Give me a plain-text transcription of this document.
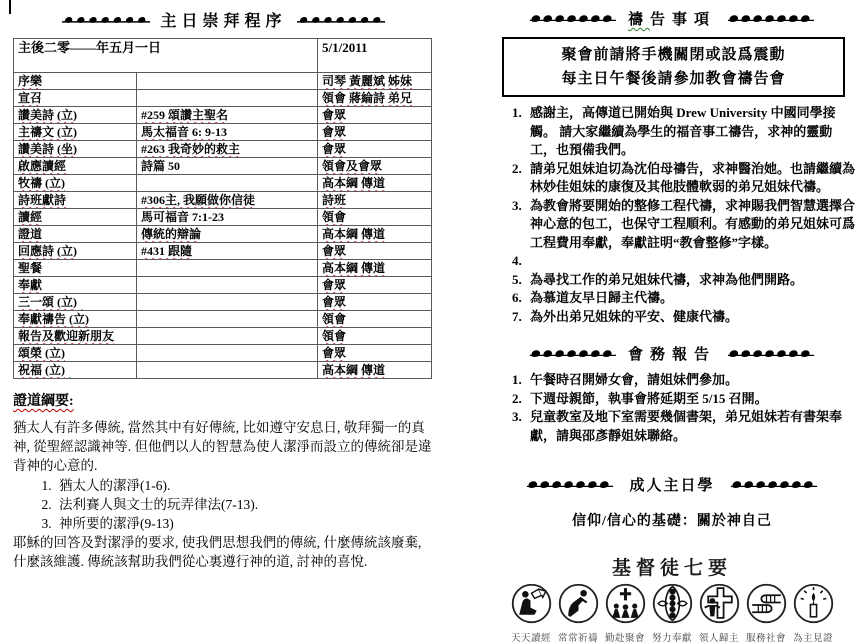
主日崇拜程序
主後二零——年五月一日		5/1/2011
序樂		司琴 黃麗斌 姊妹
宣召		領會 蔣綸詩 弟兄
讚美詩 (立)	#259 頌讚主聖名	會眾
主禱文 (立)	馬太福音 6: 9-13	會眾
讚美詩 (坐)	#263 我奇妙的救主	會眾
啟應讀經	詩篇 50	領會及會眾
牧禱 (立)		高本綱 傳道
詩班獻詩	#306主, 我願做你信徒	詩班
讀經	馬可福音 7:1-23	領會
證道	傳統的辯論	高本綱 傳道
回應詩 (立)	#431 跟隨	會眾
聖餐		高本綱 傳道
奉獻		會眾
三一頌 (立)		會眾
奉獻禱告 (立)		領會
報告及歡迎新朋友		領會
頌榮 (立)		會眾
祝福 (立)		高本綱 傳道
證道綱要:
猶太人有許多傳統, 當然其中有好傳統, 比如遵守安息日, 敬拜獨一的真神, 從聖經認識神等. 但他們以人的智慧為使人潔淨而設立的傳統卻是違背神的心意的.
1. 猶太人的潔淨(1-6).
2. 法利賽人與文士的玩弄律法(7-13).
3. 神所要的潔淨(9-13)
耶穌的回答及對潔淨的要求, 使我們思想我們的傳統, 什麼傳統該廢棄, 什麼該維護. 傳統該幫助我們從心裏遵行神的道, 討神的喜悅.
禱告事項
聚會前請將手機關閉或設爲震動
每主日午餐後請參加教會禱告會
1. 感謝主，高傳道已開始與 Drew University 中國同學接觸。 請大家繼續為學生的福音事工禱告，求神的靈動工，也預備我們。
2. 請弟兄姐妹迫切為沈伯母禱告，求神醫治她。也請繼續為林妙佳姐妹的康復及其他肢體軟弱的弟兄姐妹代禱。
3. 為教會將要開始的整修工程代禱，求神賜我們智慧選擇合神心意的包工，也保守工程順利。有感動的弟兄姐妹可爲工程費用奉獻，奉獻註明“教會整修”字樣。
4.
5. 為尋找工作的弟兄姐妹代禱，求神為他們開路。
6. 為慕道友早日歸主代禱。
7. 為外出弟兄姐妹的平安、健康代禱。
會務報告
1. 午餐時召開婦女會，請姐妹們參加。
2. 下週母親節，執事會將延期至 5/15 召開。
3. 兒童教室及地下室需要幾個書架，弟兄姐妹若有書架奉獻，請與邵彥靜姐妹聯絡。
成人主日學
信仰/信心的基礎：關於神自己
基督徒七要
天天讀經 常常祈禱 勤赴聚會 努力奉獻 領人歸主 服務社會 為主見證
